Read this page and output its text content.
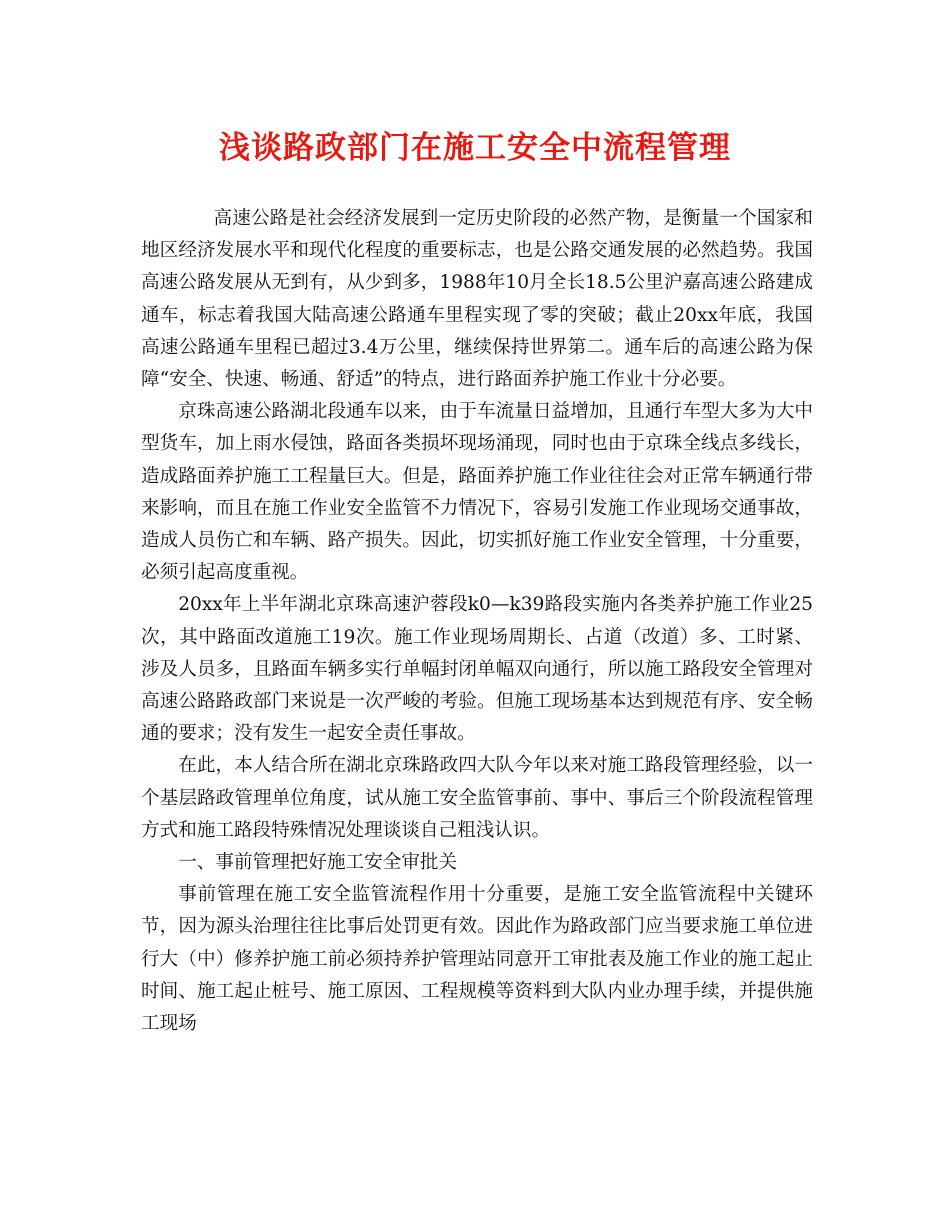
浅谈路政部门在施工安全中流程管理

高速公路是社会经济发展到一定历史阶段的必然产物，是衡量一个国家和地区经济发展水平和现代化程度的重要标志，也是公路交通发展的必然趋势。我国高速公路发展从无到有，从少到多，1988年10月全长18.5公里沪嘉高速公路建成通车，标志着我国大陆高速公路通车里程实现了零的突破；截止20xx年底，我国高速公路通车里程已超过3.4万公里，继续保持世界第二。通车后的高速公路为保障“安全、快速、畅通、舒适”的特点，进行路面养护施工作业十分必要。

京珠高速公路湖北段通车以来，由于车流量日益增加，且通行车型大多为大中型货车，加上雨水侵蚀，路面各类损坏现场涌现，同时也由于京珠全线点多线长，造成路面养护施工工程量巨大。但是，路面养护施工作业往往会对正常车辆通行带来影响，而且在施工作业安全监管不力情况下，容易引发施工作业现场交通事故，造成人员伤亡和车辆、路产损失。因此，切实抓好施工作业安全管理，十分重要，必须引起高度重视。

20xx年上半年湖北京珠高速沪蓉段k0—k39路段实施内各类养护施工作业25次，其中路面改道施工19次。施工作业现场周期长、占道（改道）多、工时紧、涉及人员多，且路面车辆多实行单幅封闭单幅双向通行，所以施工路段安全管理对高速公路路政部门来说是一次严峻的考验。但施工现场基本达到规范有序、安全畅通的要求；没有发生一起安全责任事故。

在此，本人结合所在湖北京珠路政四大队今年以来对施工路段管理经验，以一个基层路政管理单位角度，试从施工安全监管事前、事中、事后三个阶段流程管理方式和施工路段特殊情况处理谈谈自己粗浅认识。

一、事前管理把好施工安全审批关

事前管理在施工安全监管流程作用十分重要，是施工安全监管流程中关键环节，因为源头治理往往比事后处罚更有效。因此作为路政部门应当要求施工单位进行大（中）修养护施工前必须持养护管理站同意开工审批表及施工作业的施工起止时间、施工起止桩号、施工原因、工程规模等资料到大队内业办理手续，并提供施工现场
